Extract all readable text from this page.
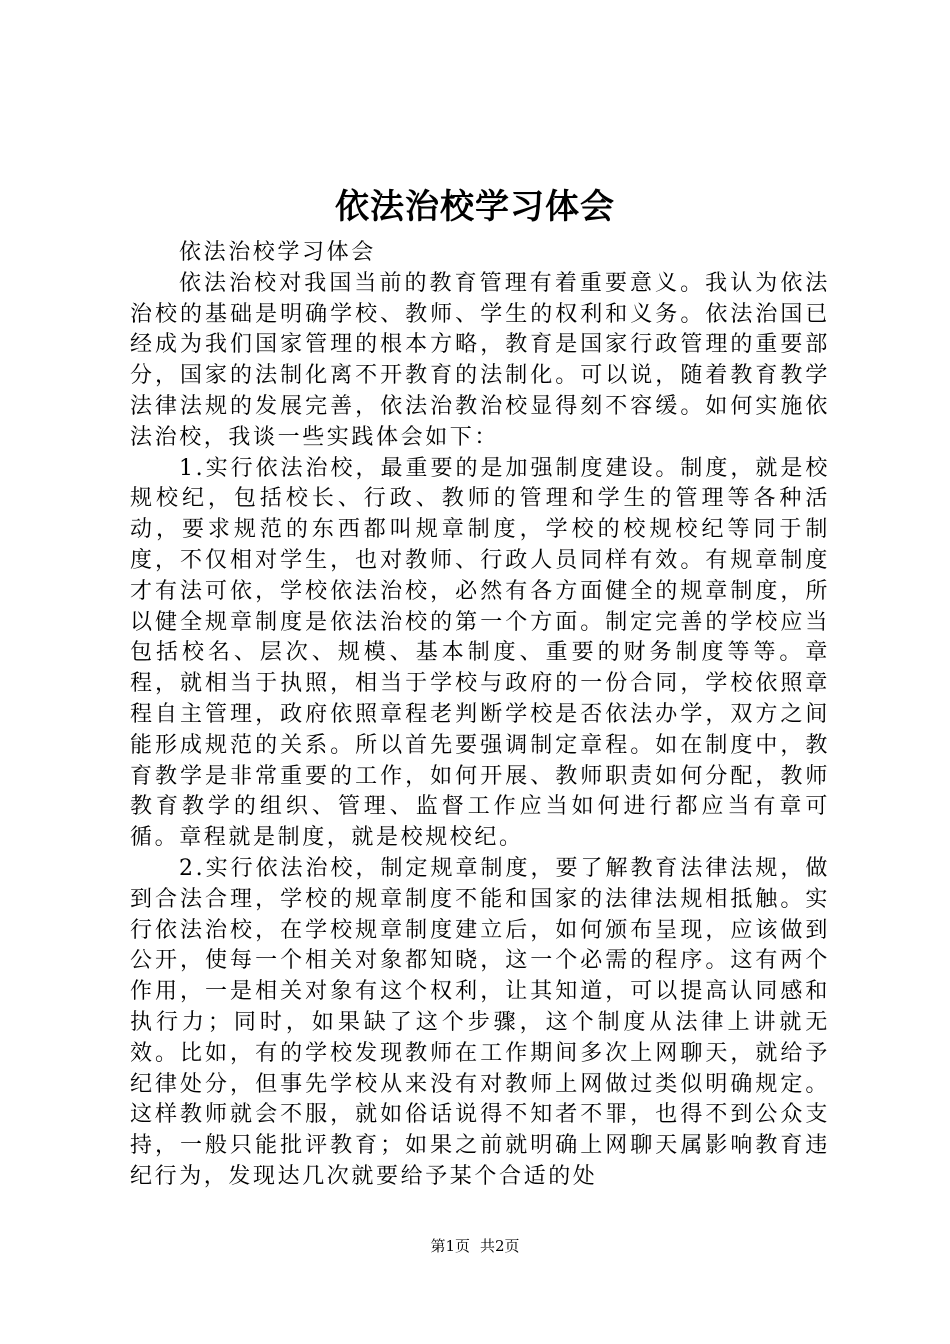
依法治校学习体会

依法治校学习体会

依法治校对我国当前的教育管理有着重要意义。我认为依法治校的基础是明确学校、教师、学生的权利和义务。依法治国已经成为我们国家管理的根本方略，教育是国家行政管理的重要部分，国家的法制化离不开教育的法制化。可以说，随着教育教学法律法规的发展完善，依法治教治校显得刻不容缓。如何实施依法治校，我谈一些实践体会如下：

1.实行依法治校，最重要的是加强制度建设。制度，就是校规校纪，包括校长、行政、教师的管理和学生的管理等各种活动，要求规范的东西都叫规章制度，学校的校规校纪等同于制度，不仅相对学生，也对教师、行政人员同样有效。有规章制度才有法可依，学校依法治校，必然有各方面健全的规章制度，所以健全规章制度是依法治校的第一个方面。制定完善的学校应当包括校名、层次、规模、基本制度、重要的财务制度等等。章程，就相当于执照，相当于学校与政府的一份合同，学校依照章程自主管理，政府依照章程老判断学校是否依法办学，双方之间能形成规范的关系。所以首先要强调制定章程。如在制度中，教育教学是非常重要的工作，如何开展、教师职责如何分配，教师教育教学的组织、管理、监督工作应当如何进行都应当有章可循。章程就是制度，就是校规校纪。

2.实行依法治校，制定规章制度，要了解教育法律法规，做到合法合理，学校的规章制度不能和国家的法律法规相抵触。实行依法治校，在学校规章制度建立后，如何颁布呈现，应该做到公开，使每一个相关对象都知晓，这一个必需的程序。这有两个作用，一是相关对象有这个权利，让其知道，可以提高认同感和执行力；同时，如果缺了这个步骤，这个制度从法律上讲就无效。比如，有的学校发现教师在工作期间多次上网聊天，就给予纪律处分，但事先学校从来没有对教师上网做过类似明确规定。这样教师就会不服，就如俗话说得不知者不罪，也得不到公众支持，一般只能批评教育；如果之前就明确上网聊天属影响教育违纪行为，发现达几次就要给予某个合适的处

第1页 共2页
